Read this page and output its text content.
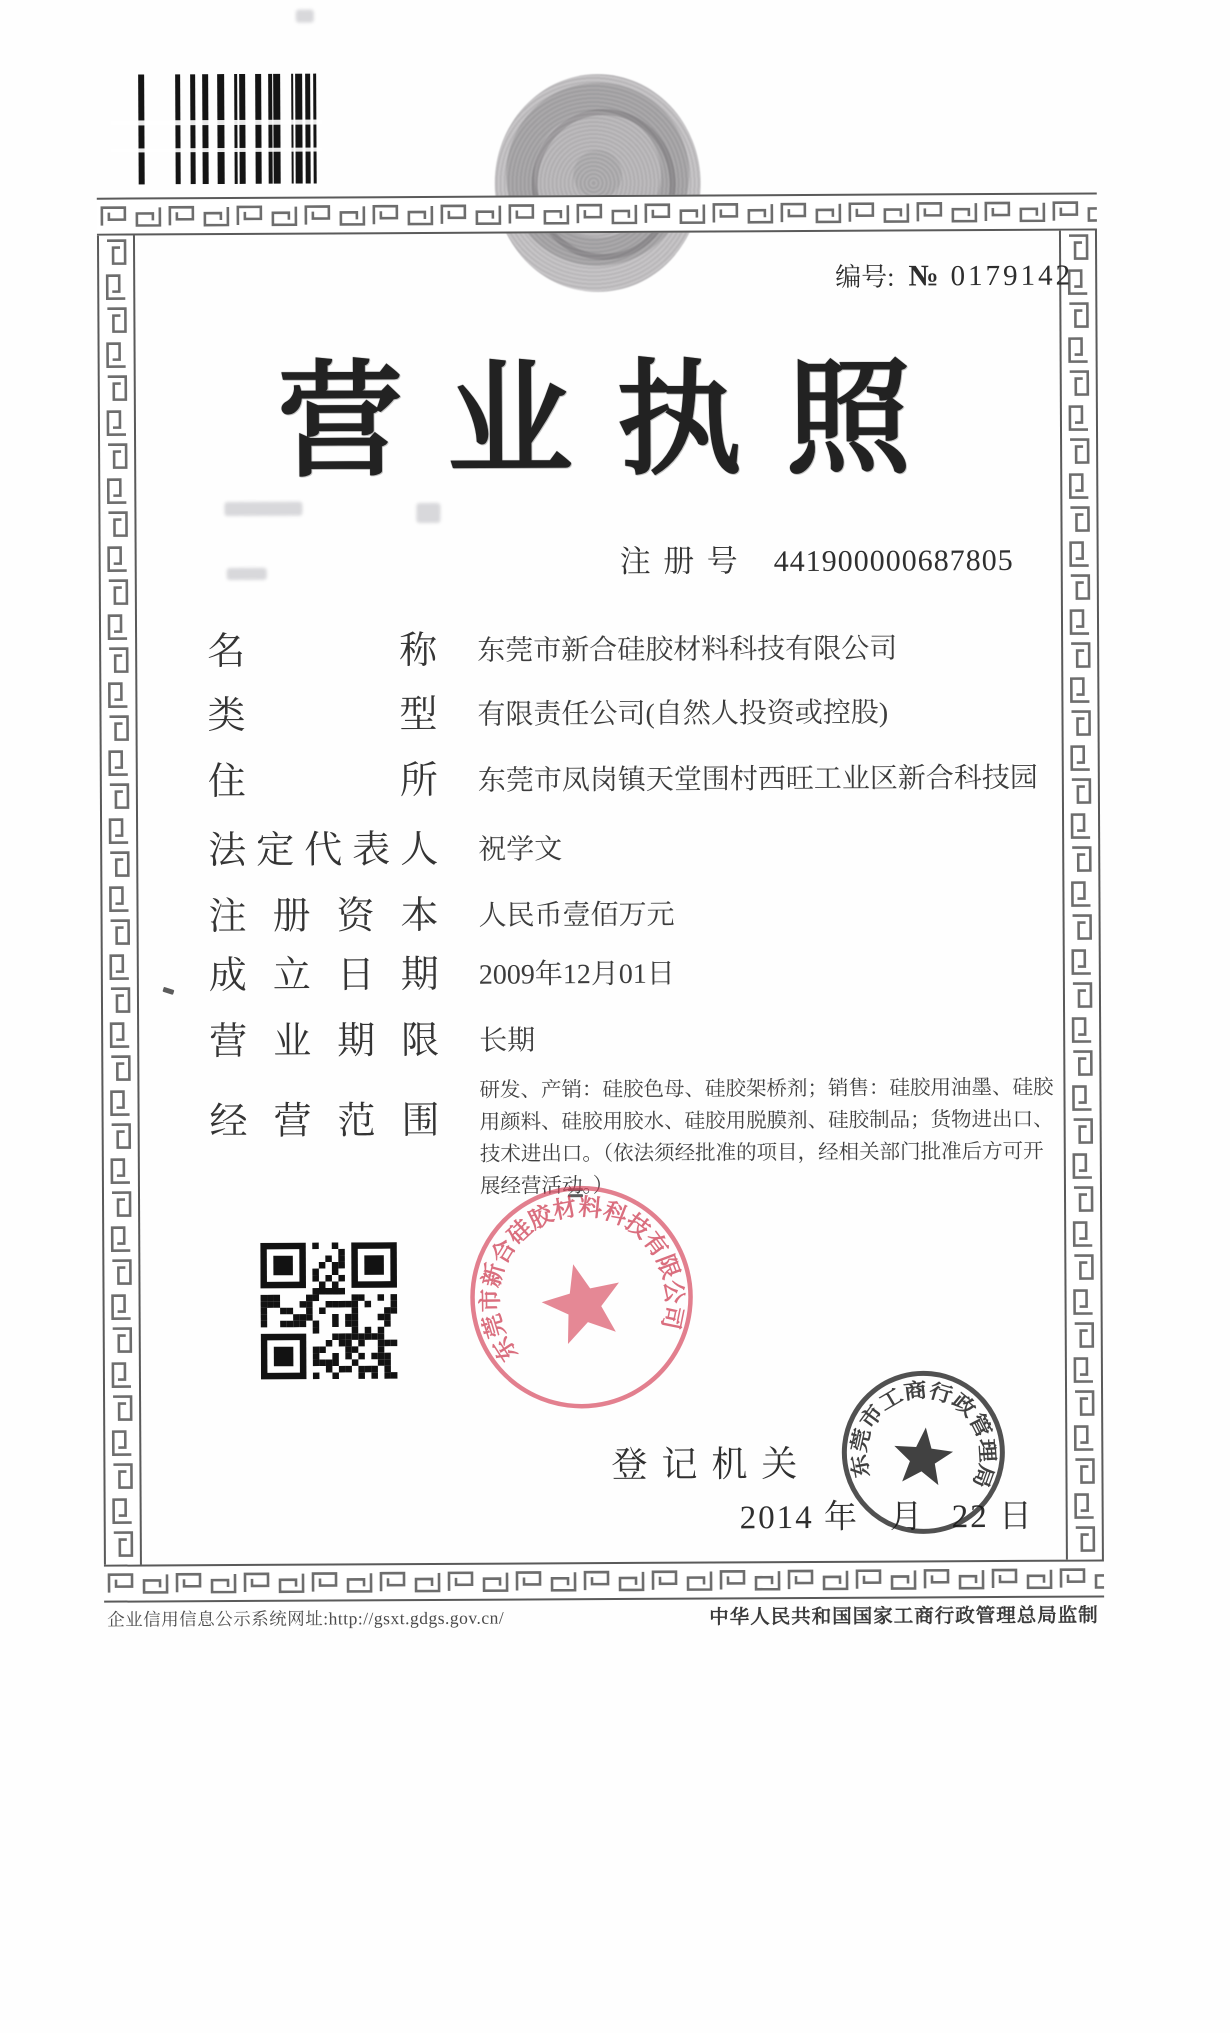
编号: № 0179142
营 业 执 照
注 册 号 441900000687805
名	称 东莞市新合硅胶材料科技有限公司
类	型 有限责任公司(自然人投资或控股)
住	所 东莞市凤岗镇天堂围村西旺工业区新合科技园
法 定 代 表 人 祝学文
注 册 资 本 人民币壹佰万元
成 立 日 期 2009年12月01日
营 业 期 限 长期
经 营 范 围
研发、产销：硅胶色母、硅胶架桥剂；销售：硅胶用油墨、硅胶用颜料、硅胶用胶水、硅胶用脱膜剂、硅胶制品；货物进出口、技术进出口。（依法须经批准的项目，经相关部门批准后方可开展经营活动。）
东莞市新合硅胶材料科技有限公司
登 记 机 关
2014 年 月 22 日
东莞市工商行政管理局
企业信用信息公示系统网址:http://gsxt.gdgs.gov.cn/	中华人民共和国国家工商行政管理总局监制
